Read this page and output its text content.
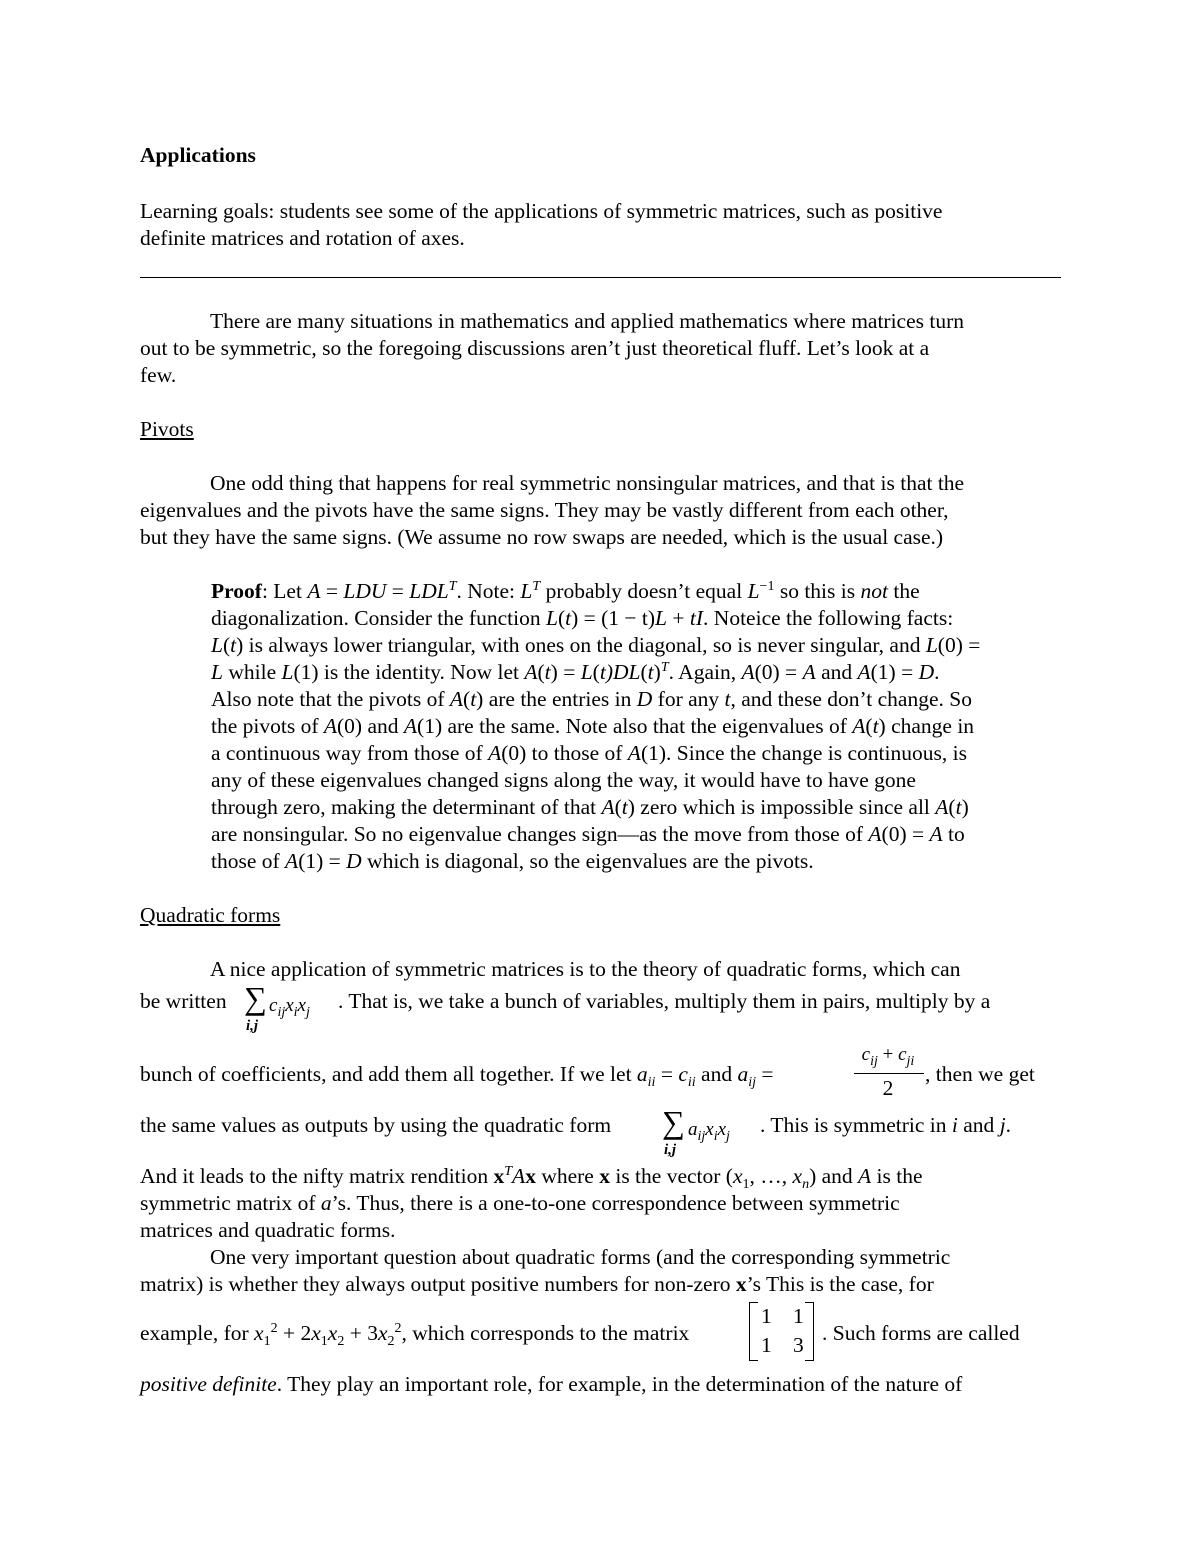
Applications
Learning goals: students see some of the applications of symmetric matrices, such as positive
definite matrices and rotation of axes.
There are many situations in mathematics and applied mathematics where matrices turn
out to be symmetric, so the foregoing discussions aren’t just theoretical fluff. Let’s look at a
few.
Pivots
One odd thing that happens for real symmetric nonsingular matrices, and that is that the
eigenvalues and the pivots have the same signs. They may be vastly different from each other,
but they have the same signs. (We assume no row swaps are needed, which is the usual case.)
Proof: Let A = LDU = $LDL^T$. Note: $L^T$ probably doesn’t equal $L^{-1}$ so this is not the
diagonalization. Consider the function L(t) = (1 − t)L + tI. Noteice the following facts:
L(t) is always lower triangular, with ones on the diagonal, so is never singular, and L(0) =
L while L(1) is the identity. Now let $A(t) = L(t)DL(t)^T$. Again, A(0) = A and A(1) = D.
Also note that the pivots of A(t) are the entries in D for any t, and these don’t change. So
the pivots of A(0) and A(1) are the same. Note also that the eigenvalues of A(t) change in
a continuous way from those of A(0) to those of A(1). Since the change is continuous, is
any of these eigenvalues changed signs along the way, it would have to have gone
through zero, making the determinant of that A(t) zero which is impossible since all A(t)
are nonsingular. So no eigenvalue changes sign—as the move from those of A(0) = A to
those of A(1) = D which is diagonal, so the eigenvalues are the pivots.
Quadratic forms
A nice application of symmetric matrices is to the theory of quadratic forms, which can
be written ∑
i,j
$c_{ij}x_ix_j$ . That is, we take a bunch of variables, multiply them in pairs, multiply by a
bunch of coefficients, and add them all together. If we let $a_{ii} = c_{ii}$ and $a_{ij}$ =
$c_{ij} + c_{ji}$
2
, then we get
the same values as outputs by using the quadratic form ∑
i,j
$a_{ij}x_ix_j$ . This is symmetric in i and j.
And it leads to the nifty matrix rendition $x^TAx$ where x is the vector ($x_1$, …, $x_n$) and A is the
symmetric matrix of a’s. Thus, there is a one-to-one correspondence between symmetric
matrices and quadratic forms.
One very important question about quadratic forms (and the corresponding symmetric
matrix) is whether they always output positive numbers for non-zero x’s This is the case, for
example, for $x_1^2 + 2x_1x_2 + 3x_2^2$, which corresponds to the matrix
1 1
1 3 . Such forms are called
positive definite. They play an important role, for example, in the determination of the nature of
